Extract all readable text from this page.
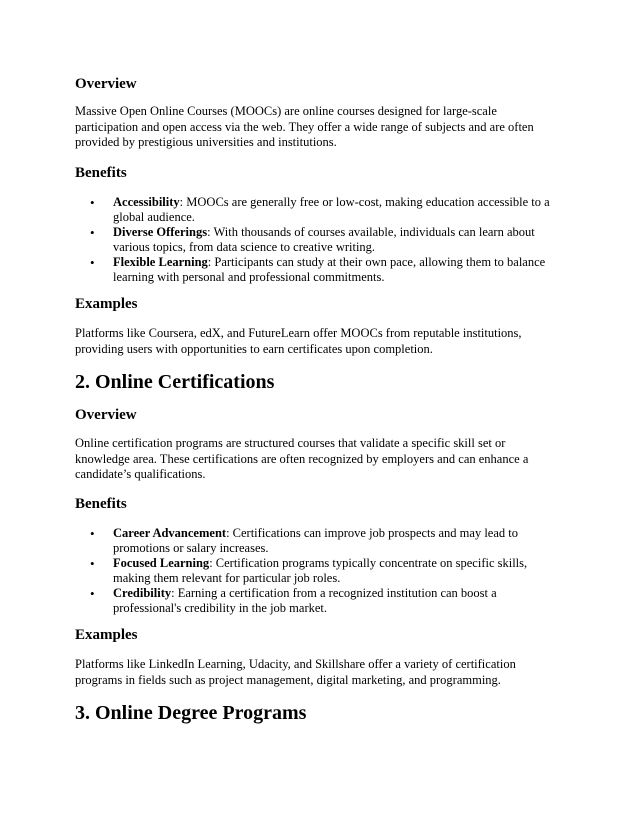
Overview

Massive Open Online Courses (MOOCs) are online courses designed for large-scale participation and open access via the web. They offer a wide range of subjects and are often provided by prestigious universities and institutions.

Benefits
• Accessibility: MOOCs are generally free or low-cost, making education accessible to a global audience.
• Diverse Offerings: With thousands of courses available, individuals can learn about various topics, from data science to creative writing.
• Flexible Learning: Participants can study at their own pace, allowing them to balance learning with personal and professional commitments.
Examples

Platforms like Coursera, edX, and FutureLearn offer MOOCs from reputable institutions, providing users with opportunities to earn certificates upon completion.

2. Online Certifications
Overview

Online certification programs are structured courses that validate a specific skill set or knowledge area. These certifications are often recognized by employers and can enhance a candidate’s qualifications.

Benefits
• Career Advancement: Certifications can improve job prospects and may lead to promotions or salary increases.
• Focused Learning: Certification programs typically concentrate on specific skills, making them relevant for particular job roles.
• Credibility: Earning a certification from a recognized institution can boost a professional's credibility in the job market.
Examples

Platforms like LinkedIn Learning, Udacity, and Skillshare offer a variety of certification programs in fields such as project management, digital marketing, and programming.

3. Online Degree Programs
